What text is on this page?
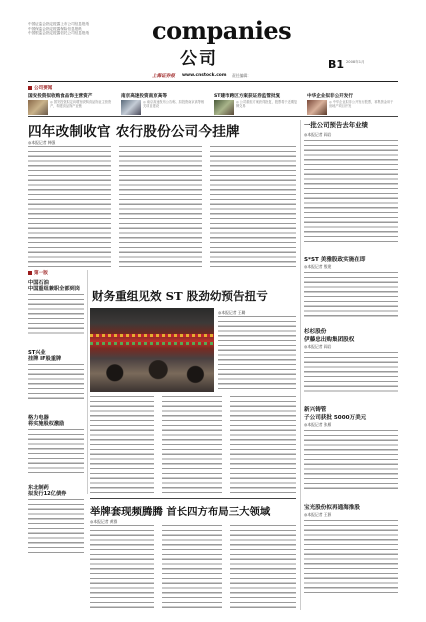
中国证监会指定披露上市公司信息报纸
中国保监会指定披露保险信息报纸
中国银监会指定披露信托公司信息报纸	companies
公司
上海证券报 www.cnstock.com 责任编辑：
B1 2008年1月
公司要闻
国安投资拟收购食品饰主营资产
◎ 国安投资拟定向增发收购食品饰业主营资产，构建食品饰产业链
南京高速投资南京高等
◎ 南京高速发布公告称，拟投资南京高等相关项目建设
ST建市跨区方案获证券监管批复
◎ 公司重组方案获得批复，股票将于近期复牌交易
中华企业拟非公开发行
◎ 中华企业拟非公开发行股票，募集资金用于房地产项目开发
四年改制收官 农行股份公司今挂牌
◎本报记者 韩强
一批公司预告去年业绩
◎本报记者 阎岩
第一版
中国石油
中国重组兼职全部到岗
ST兴业
挂牌 IF股重牌
格力电器
将实施股权激励
东北制药
拟发行12亿债券
财务重组见效 ST 股劲幼预告扭亏
◎本报记者 王璐
S*ST 美雅股政实施在即
◎本报记者 殷建
杉杉股份
伊藤忠出购集团股权
◎本报记者 阎岩
新兴铸管
子公司获批 5000万美元
◎本报记者 张雁
宝光股份拟再通海推股
◎本报记者 王源
举牌套现频腾腾 首长四方布局三大领域
◎本报记者 黄群
